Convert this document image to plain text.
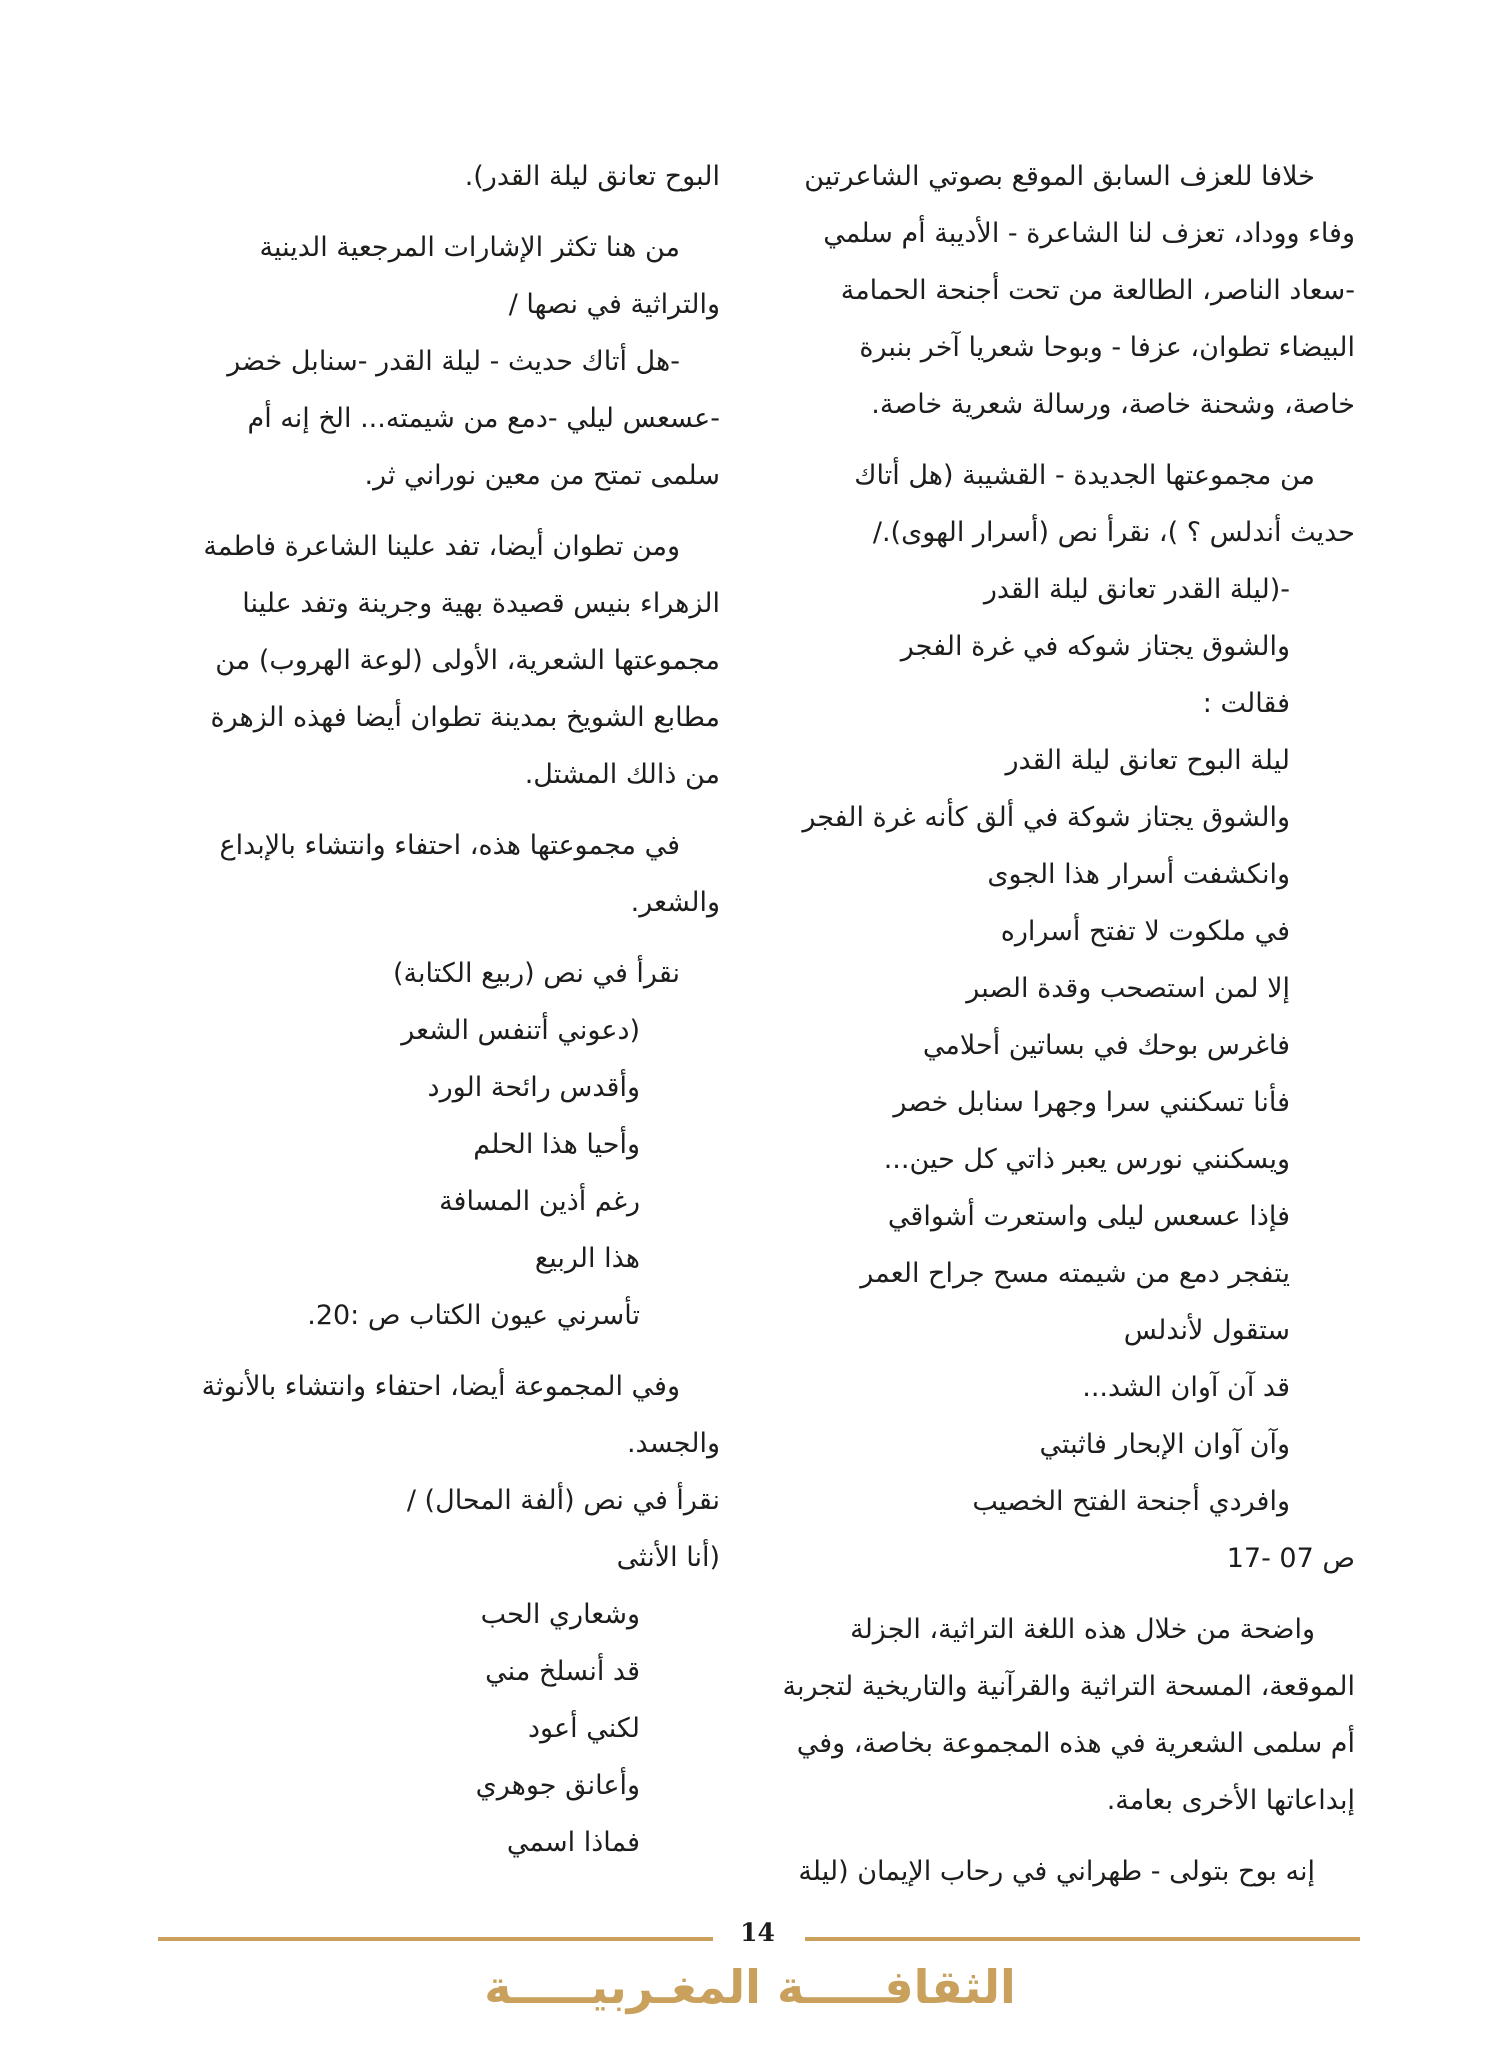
خلافا للعزف السابق الموقع بصوتي الشاعرتين
وفاء ووداد، تعزف لنا الشاعرة - الأديبة أم سلمي
-سعاد الناصر، الطالعة من تحت أجنحة الحمامة
البيضاء تطوان، عزفا - وبوحا شعريا آخر بنبرة
خاصة، وشحنة خاصة، ورسالة شعرية خاصة.
من مجموعتها الجديدة - القشيبة (هل أتاك
حديث أندلس ؟ )، نقرأ نص (أسرار الهوى)./
-(ليلة القدر تعانق ليلة القدر
والشوق يجتاز شوكه في غرة الفجر
فقالت :
ليلة البوح تعانق ليلة القدر
والشوق يجتاز شوكة في ألق كأنه غرة الفجر
وانكشفت أسرار هذا الجوى
في ملكوت لا تفتح أسراره
إلا لمن استصحب وقدة الصبر
فاغرس بوحك في بساتين أحلامي
فأنا تسكنني سرا وجهرا سنابل خصر
ويسكنني نورس يعبر ذاتي كل حين...
فإذا عسعس ليلى واستعرت أشواقي
يتفجر دمع من شيمته مسح جراح العمر
ستقول لأندلس
قد آن آوان الشد...
وآن آوان الإبحار فاثبتي
وافردي أجنحة الفتح الخصيب
ص 07 -17
واضحة من خلال هذه اللغة التراثية، الجزلة
الموقعة، المسحة التراثية والقرآنية والتاريخية لتجربة
أم سلمى الشعرية في هذه المجموعة بخاصة، وفي
إبداعاتها الأخرى بعامة.
إنه بوح بتولى - طهراني في رحاب الإيمان (ليلة
البوح تعانق ليلة القدر).
من هنا تكثر الإشارات المرجعية الدينية
والتراثية في نصها /
-هل أتاك حديث - ليلة القدر -سنابل خضر
-عسعس ليلي -دمع من شيمته... الخ إنه أم
سلمى تمتح من معين نوراني ثر.
ومن تطوان أيضا، تفد علينا الشاعرة فاطمة
الزهراء بنيس قصيدة بهية وجرينة وتفد علينا
مجموعتها الشعرية، الأولى (لوعة الهروب) من
مطابع الشويخ بمدينة تطوان أيضا فهذه الزهرة
من ذالك المشتل.
في مجموعتها هذه، احتفاء وانتشاء بالإبداع
والشعر.
نقرأ في نص (ربيع الكتابة)
(دعوني أتنفس الشعر
وأقدس رائحة الورد
وأحيا هذا الحلم
رغم أذين المسافة
هذا الربيع
تأسرني عيون الكتاب ص :20.
وفي المجموعة أيضا، احتفاء وانتشاء بالأنوثة
والجسد.
نقرأ في نص (ألفة المحال) /
(أنا الأنثى
وشعاري الحب
قد أنسلخ مني
لكني أعود
وأعانق جوهري
فماذا اسمي
14
الثقافـــــة المغـربيـــــة
